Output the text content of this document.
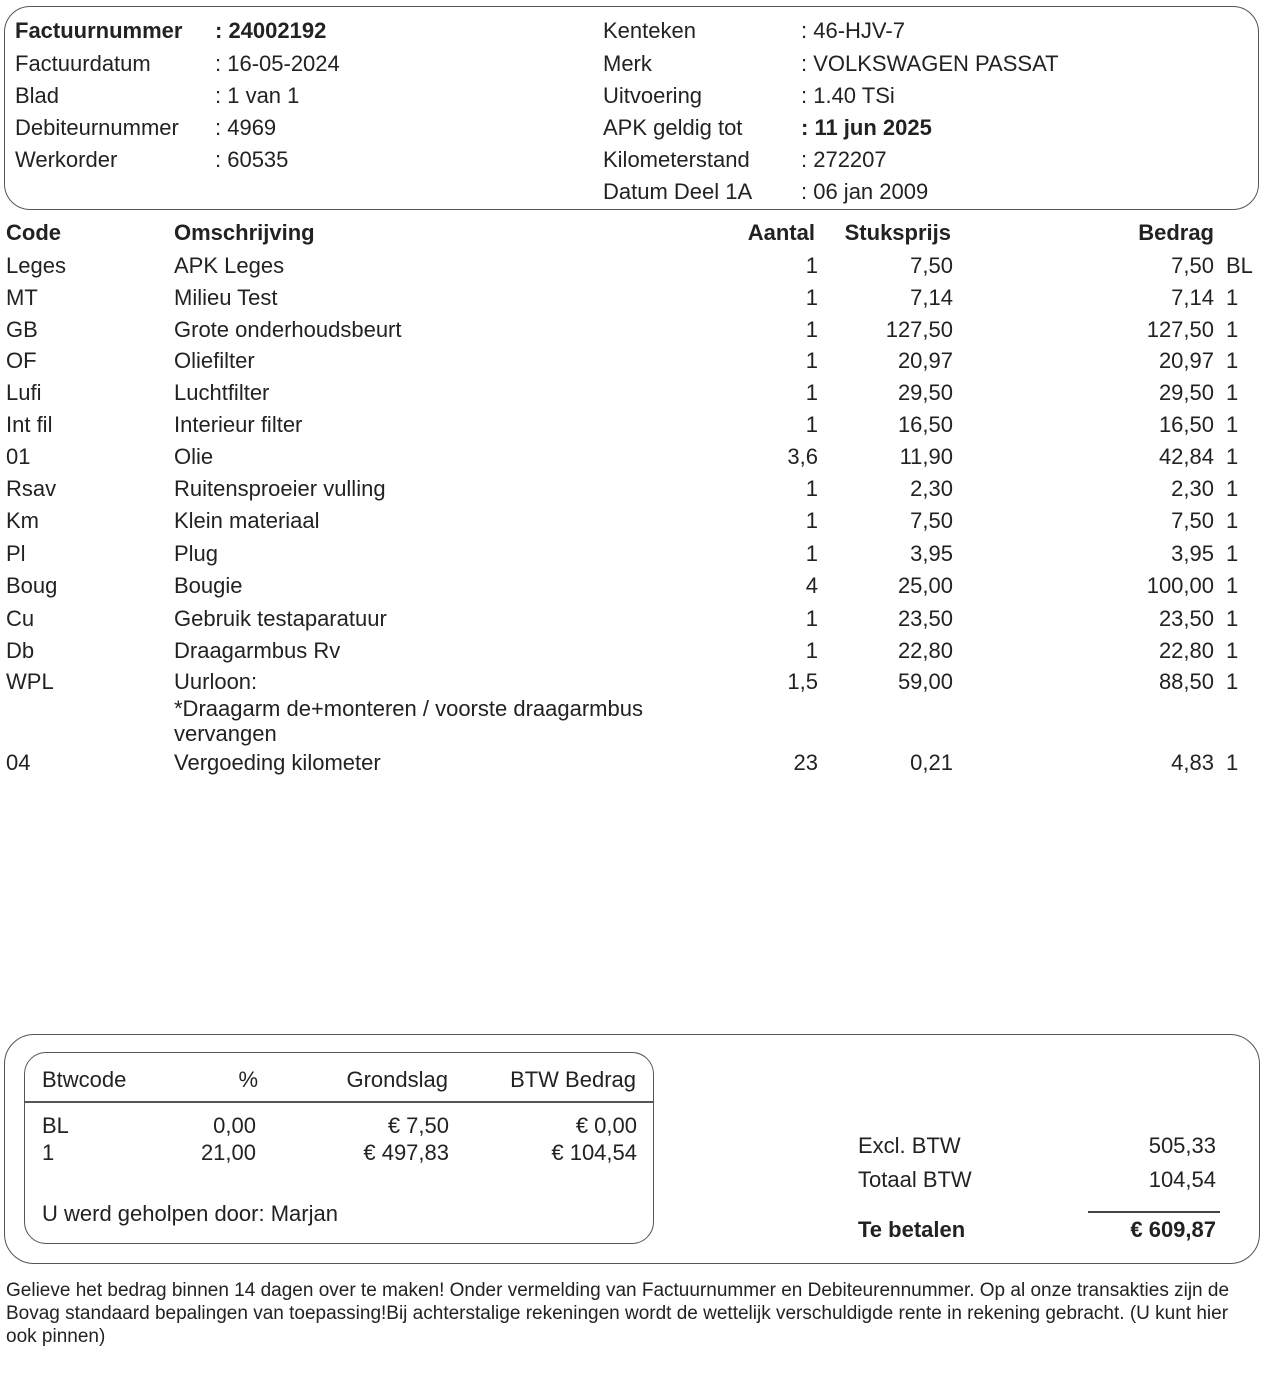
Factuurnummer : 24002192
Factuurdatum	: 16-05-2024
Blad	: 1 van 1
Debiteurnummer : 4969
Werkorder	: 60535
Kenteken	: 46-HJV-7
Merk	: VOLKSWAGEN PASSAT
Uitvoering	: 1.40 TSi
APK geldig tot	: 11 jun 2025
Kilometerstand : 272207
Datum Deel 1A : 06 jan 2009
Code	Omschrijving	Aantal Stuksprijs	Bedrag
Leges	APK Leges	1	7,50	7,50 BL
MT	Milieu Test	1	7,14	7,14 1
GB	Grote onderhoudsbeurt	1	127,50	127,50 1
OF	Oliefilter	1	20,97	20,97 1
Lufi	Luchtfilter	1	29,50	29,50 1
Int fil	Interieur filter	1	16,50	16,50 1
01	Olie	3,6	11,90	42,84 1
Rsav	Ruitensproeier vulling	1	2,30	2,30 1
Km	Klein materiaal	1	7,50	7,50 1
Pl	Plug	1	3,95	3,95 1
Boug	Bougie	4	25,00	100,00 1
Cu	Gebruik testaparatuur	1	23,50	23,50 1
Db	Draagarmbus Rv	1	22,80	22,80 1
WPL	Uurloon:	1,5	59,00	88,50 1
*Draagarm de+monteren / voorste draagarmbus
vervangen
04	Vergoeding kilometer	23	0,21	4,83 1
Btwcode	%	Grondslag	BTW Bedrag
BL	0,00	€ 7,50	€ 0,00
1	21,00	€ 497,83	€ 104,54
U werd geholpen door: Marjan
Excl. BTW	505,33
Totaal BTW	104,54
Te betalen	€ 609,87
Gelieve het bedrag binnen 14 dagen over te maken! Onder vermelding van Factuurnummer en Debiteurennummer. Op al onze transakties zijn de Bovag standaard bepalingen van toepassing!Bij achterstalige rekeningen wordt de wettelijk verschuldigde rente in rekening gebracht. (U kunt hier ook pinnen)
